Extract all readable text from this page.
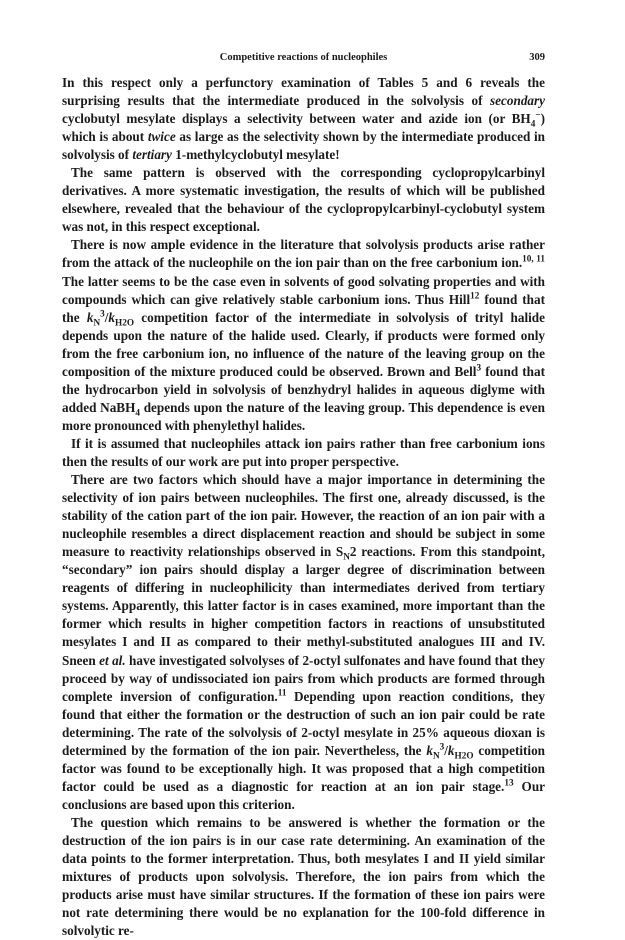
Competitive reactions of nucleophiles	309

In this respect only a perfunctory examination of Tables 5 and 6 reveals the surprising results that the intermediate produced in the solvolysis of secondary cyclobutyl mesylate displays a selectivity between water and azide ion (or $BH_4^-$) which is about twice as large as the selectivity shown by the intermediate produced in solvolysis of tertiary 1-methylcyclobutyl mesylate!

The same pattern is observed with the corresponding cyclopropylcarbinyl derivatives. A more systematic investigation, the results of which will be published elsewhere, revealed that the behaviour of the cyclopropylcarbinyl-cyclobutyl system was not, in this respect exceptional.

There is now ample evidence in the literature that solvolysis products arise rather from the attack of the nucleophile on the ion pair than on the free carbonium ion.$^{10, 11}$ The latter seems to be the case even in solvents of good solvating properties and with compounds which can give relatively stable carbonium ions. Thus Hill$^{12}$ found that the $k_N^3/k_{H2O}$ competition factor of the intermediate in solvolysis of trityl halide depends upon the nature of the halide used. Clearly, if products were formed only from the free carbonium ion, no influence of the nature of the leaving group on the composition of the mixture produced could be observed. Brown and Bell$^3$ found that the hydrocarbon yield in solvolysis of benzhydryl halides in aqueous diglyme with added NaBH$_4$ depends upon the nature of the leaving group. This dependence is even more pronounced with phenylethyl halides.

If it is assumed that nucleophiles attack ion pairs rather than free carbonium ions then the results of our work are put into proper perspective.

There are two factors which should have a major importance in determining the selectivity of ion pairs between nucleophiles. The first one, already discussed, is the stability of the cation part of the ion pair. However, the reaction of an ion pair with a nucleophile resembles a direct displacement reaction and should be subject in some measure to reactivity relationships observed in $S_N2$ reactions. From this standpoint, “secondary” ion pairs should display a larger degree of discrimination between reagents of differing in nucleophilicity than intermediates derived from tertiary systems. Apparently, this latter factor is in cases examined, more important than the former which results in higher competition factors in reactions of unsubstituted mesylates I and II as compared to their methyl-substituted analogues III and IV. Sneen et al. have investigated solvolyses of 2-octyl sulfonates and have found that they proceed by way of undissociated ion pairs from which products are formed through complete inversion of configuration.$^{11}$ Depending upon reaction conditions, they found that either the formation or the destruction of such an ion pair could be rate determining. The rate of the solvolysis of 2-octyl mesylate in 25% aqueous dioxan is determined by the formation of the ion pair. Nevertheless, the $k_N^3/k_{H2O}$ competition factor was found to be exceptionally high. It was proposed that a high competition factor could be used as a diagnostic for reaction at an ion pair stage.$^{13}$ Our conclusions are based upon this criterion.

The question which remains to be answered is whether the formation or the destruction of the ion pairs is in our case rate determining. An examination of the data points to the former interpretation. Thus, both mesylates I and II yield similar mixtures of products upon solvolysis. Therefore, the ion pairs from which the products arise must have similar structures. If the formation of these ion pairs were not rate determining there would be no explanation for the 100-fold difference in solvolytic re-
